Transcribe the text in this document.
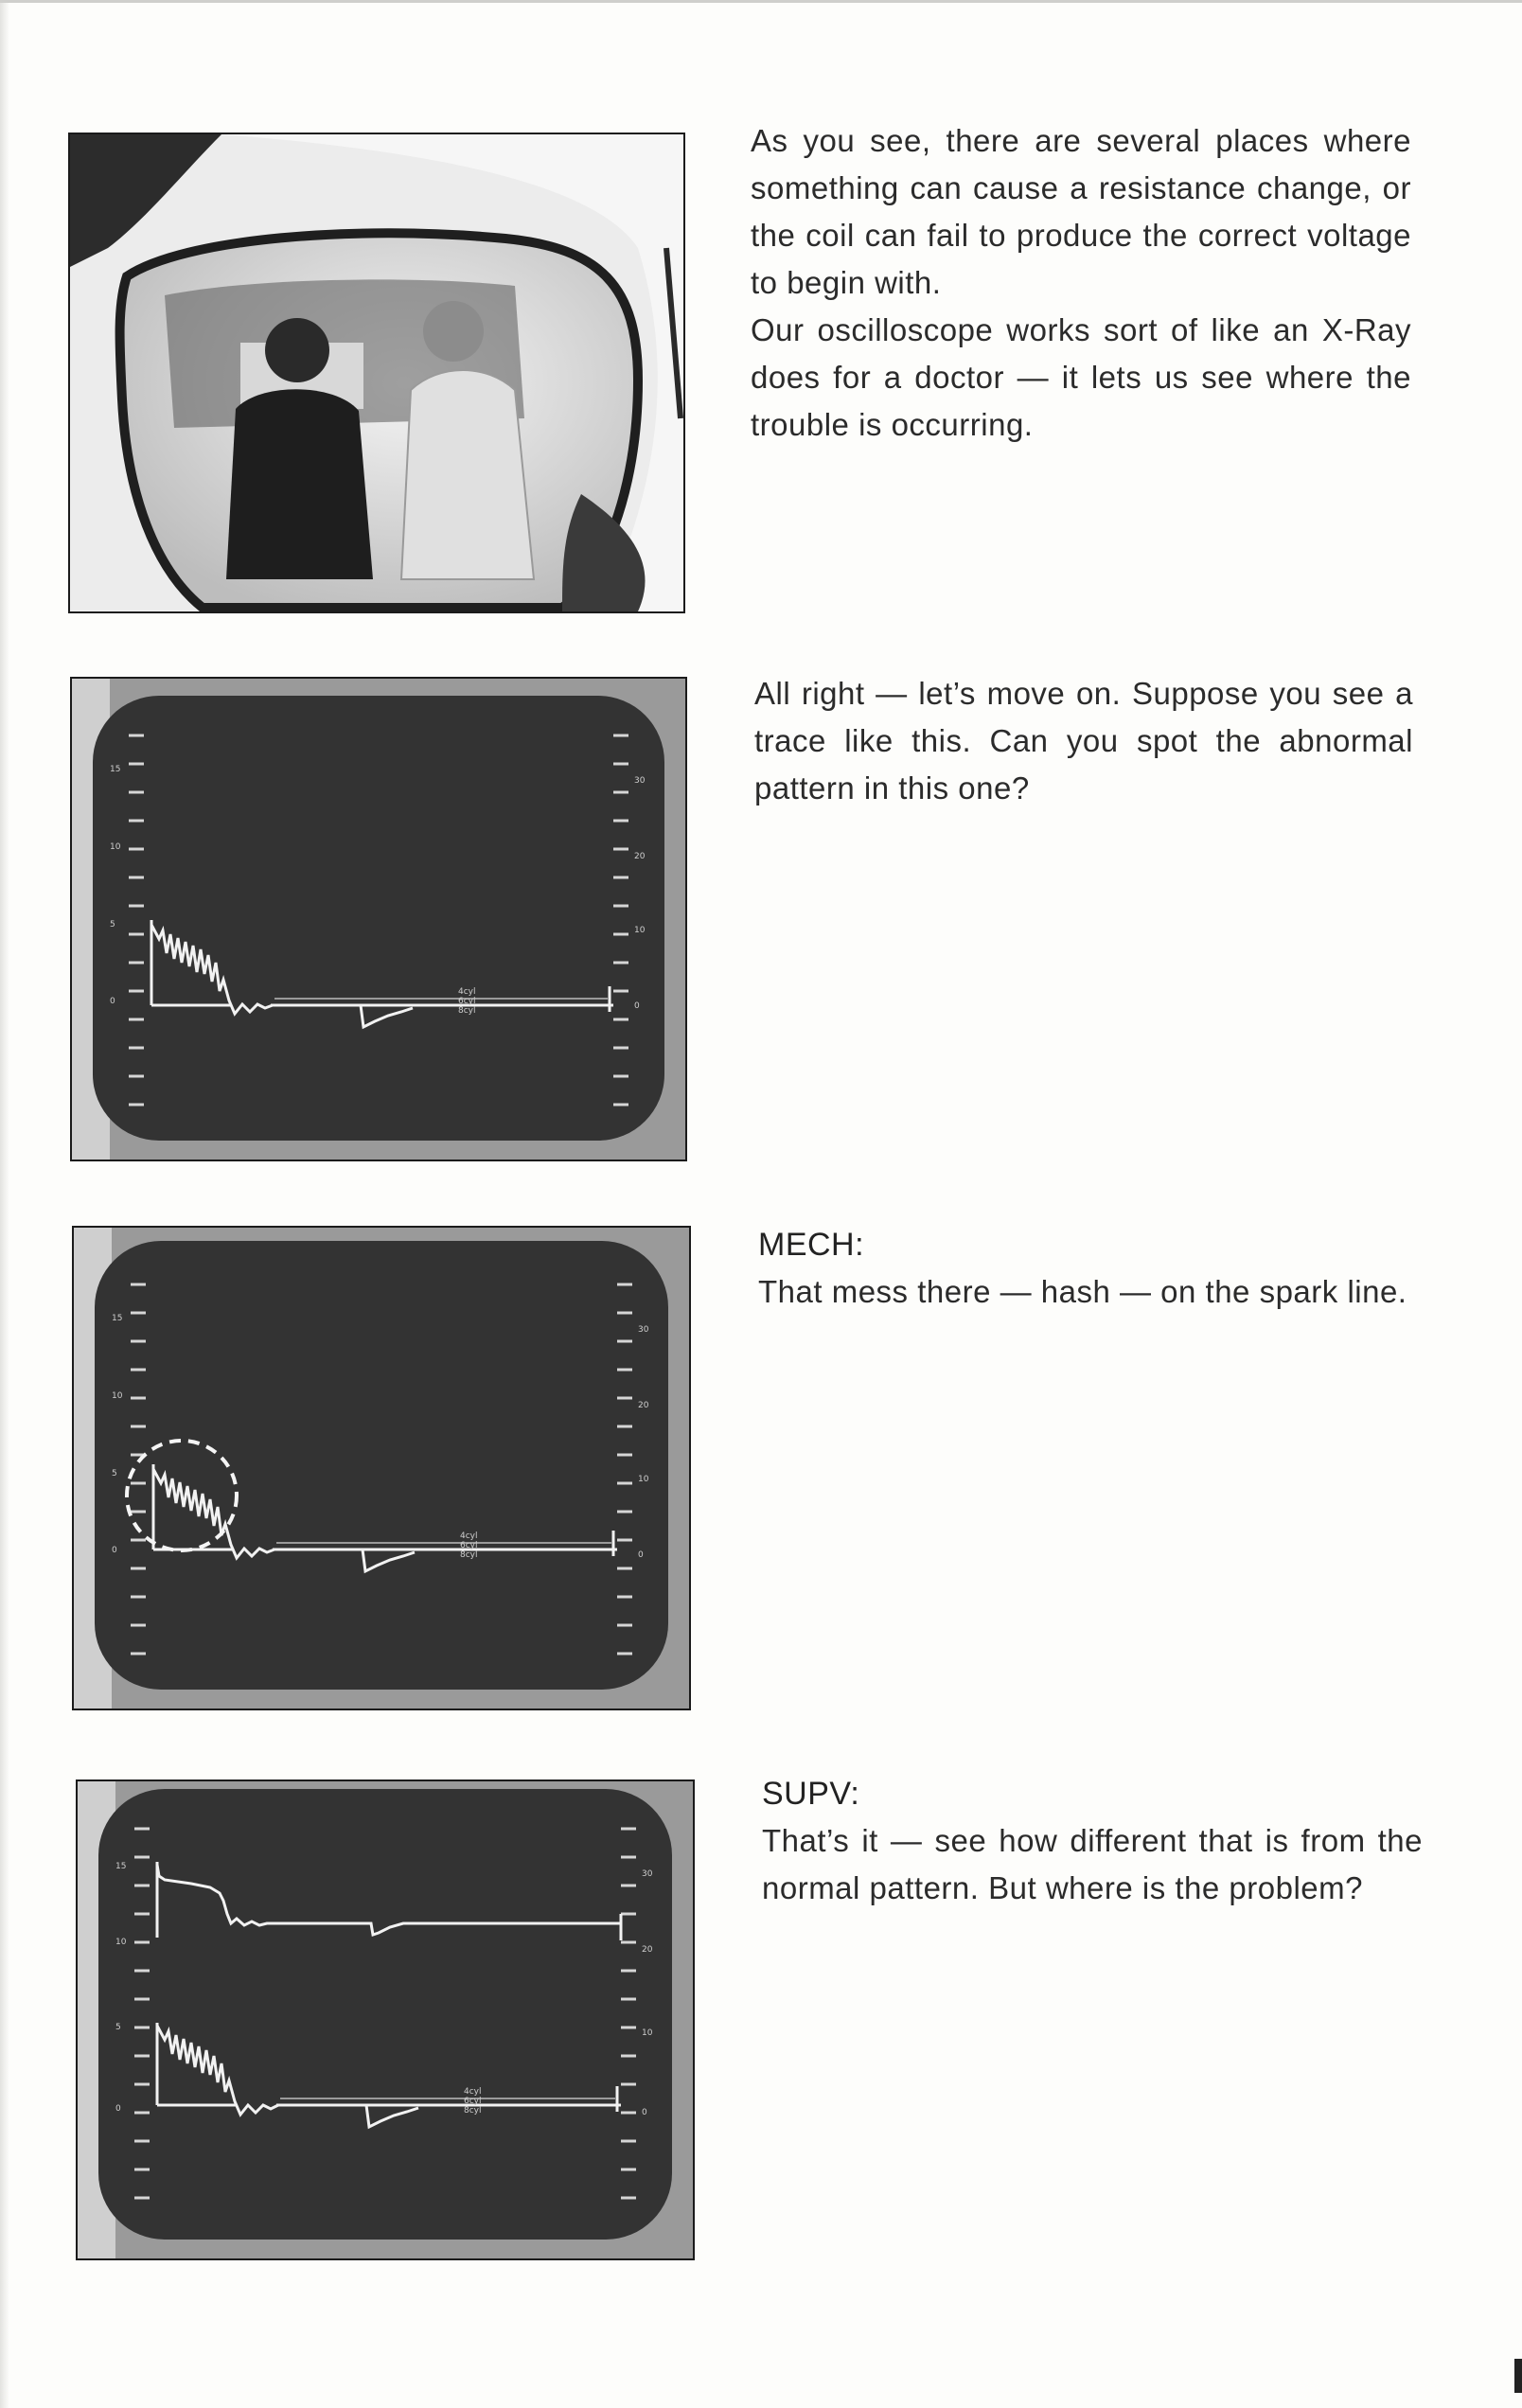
As you see, there are several places where something can cause a resistance change, or the coil can fail to produce the correct voltage to begin with.

Our oscilloscope works sort of like an X-Ray does for a doctor — it lets us see where the trouble is occurring.

15
10
5
0
30
20
10
0
4cyl
6cyl
8cyl

All right — let’s move on. Suppose you see a trace like this. Can you spot the abnormal pattern in this one?

15
10
5
0
30
20
10
0
4cyl
6cyl
8cyl

MECH:

That mess there — hash — on the spark line.

15
10
5
0
30
20
10
0
4cyl
6cyl
8cyl

SUPV:

That’s it — see how different that is from the normal pattern. But where is the problem?
